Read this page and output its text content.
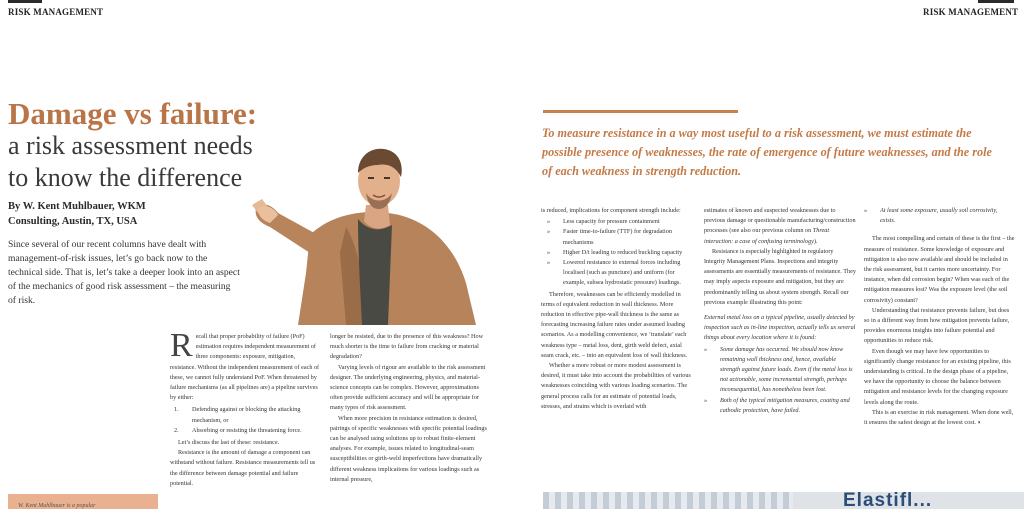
RISK MANAGEMENT	RISK MANAGEMENT
Damage vs failure:
a risk assessment needs
to know the difference
By W. Kent Muhlbauer, WKM
Consulting, Austin, TX, USA
Since several of our recent columns have dealt with management-of-risk issues, let’s go back now to the technical side. That is, let’s take a deeper look into an aspect of the mechanics of good risk assessment – the measuring of risk.

Recall that proper probability of failure (PoF) estimation requires independent measurement of three components: exposure, mitigation, resistance. Without the independent measurement of each of these, we cannot fully understand PoF. When threatened by failure mechanisms (as all pipelines are) a pipeline survives by either:

1.	Defending against or blocking the attacking mechanism, or
2.	Absorbing or resisting the threatening force.

Let’s discuss the last of these: resistance.

Resistance is the amount of damage a component can withstand without failure. Resistance measurements tell us the difference between damage potential and failure potential.

longer be resisted, due to the presence of this weakness? How much shorter is the time to failure from cracking or material degradation?

Varying levels of rigour are available to the risk assessment designer. The underlying engineering, physics, and material-science concepts can be complex. However, approximations often provide sufficient accuracy and will be appropriate for many types of risk assessment.

When more precision in resistance estimation is desired, pairings of specific weaknesses with specific potential loadings can be analysed using solutions up to robust finite-element analyses. For example, issues related to longitudinal-seam susceptibilities or girth-weld imperfections have dramatically different weakness implications for various loadings such as internal pressure,

To measure resistance in a way most useful to a risk assessment, we must estimate the possible presence of weaknesses, the rate of emergence of future weaknesses, and the role of each weakness in strength reduction.

is reduced, implications for component strength include:

»	Less capacity for pressure containment
»	Faster time-to-failure (TTF) for degradation mechanisms
»	Higher D/t leading to reduced buckling capacity
»	Lowered resistance to external forces including localised (such as puncture) and uniform (for example, subsea hydrostatic pressure) loadings.

Therefore, weaknesses can be efficiently modelled in terms of equivalent reduction in wall thickness. More reduction in effective pipe-wall thickness is the same as forecasting increasing failure rates under assumed loading scenarios. As a modelling convenience, we ‘translate’ each weakness type – metal loss, dent, girth weld defect, axial seam crack, etc. – into an equivalent loss of wall thickness.

Whether a more robust or more modest assessment is desired, it must take into account the probabilities of various weaknesses coinciding with various loading scenarios. The general process calls for an estimate of potential loads, stresses, and strains which is overlaid with

estimates of known and suspected weaknesses due to previous damage or questionable manufacturing/construction processes (see also our previous column on Threat interaction: a case of confusing terminology).

Resistance is especially highlighted in regulatory Integrity Management Plans. Inspections and integrity assessments are essentially measurements of resistance. They may imply aspects exposure and mitigation, but they are predominantly telling us about system strength. Recall our previous example illustrating this point:

External metal loss on a typical pipeline, usually detected by inspection such as in-line inspection, actually tells us several things about every location where it is found:

»	Some damage has occurred. We should now know remaining wall thickness and, hence, available strength against future loads. Even if the metal loss is not actionable, some incremental strength, perhaps inconsequential, has nonetheless been lost.
»	Both of the typical mitigation measures, coating and cathodic protection, have failed.
»	At least some exposure, usually soil corrosivity, exists.

The most compelling and certain of these is the first – the measure of resistance. Some knowledge of exposure and mitigation is also now available and should be included in the risk assessment, but it carries more uncertainty. For instance, when did corrosion begin? When was each of the mitigation measures lost? Was the exposure level (the soil corrosivity) constant?

Understanding that resistance prevents failure, but does so in a different way from how mitigation prevents failure, provides enormous insights into failure potential and opportunities to reduce risk.

Even though we may have few opportunities to significantly change resistance for an existing pipeline, this understanding is critical. In the design phase of a pipeline, we have the opportunity to choose the balance between mitigation and resistance levels for the changing exposure levels along the route.

This is an exercise in risk management. When done well, it ensures the safest design at the lowest cost. ◗

W. Kent Muhlbauer is a popular	Elastifl...
